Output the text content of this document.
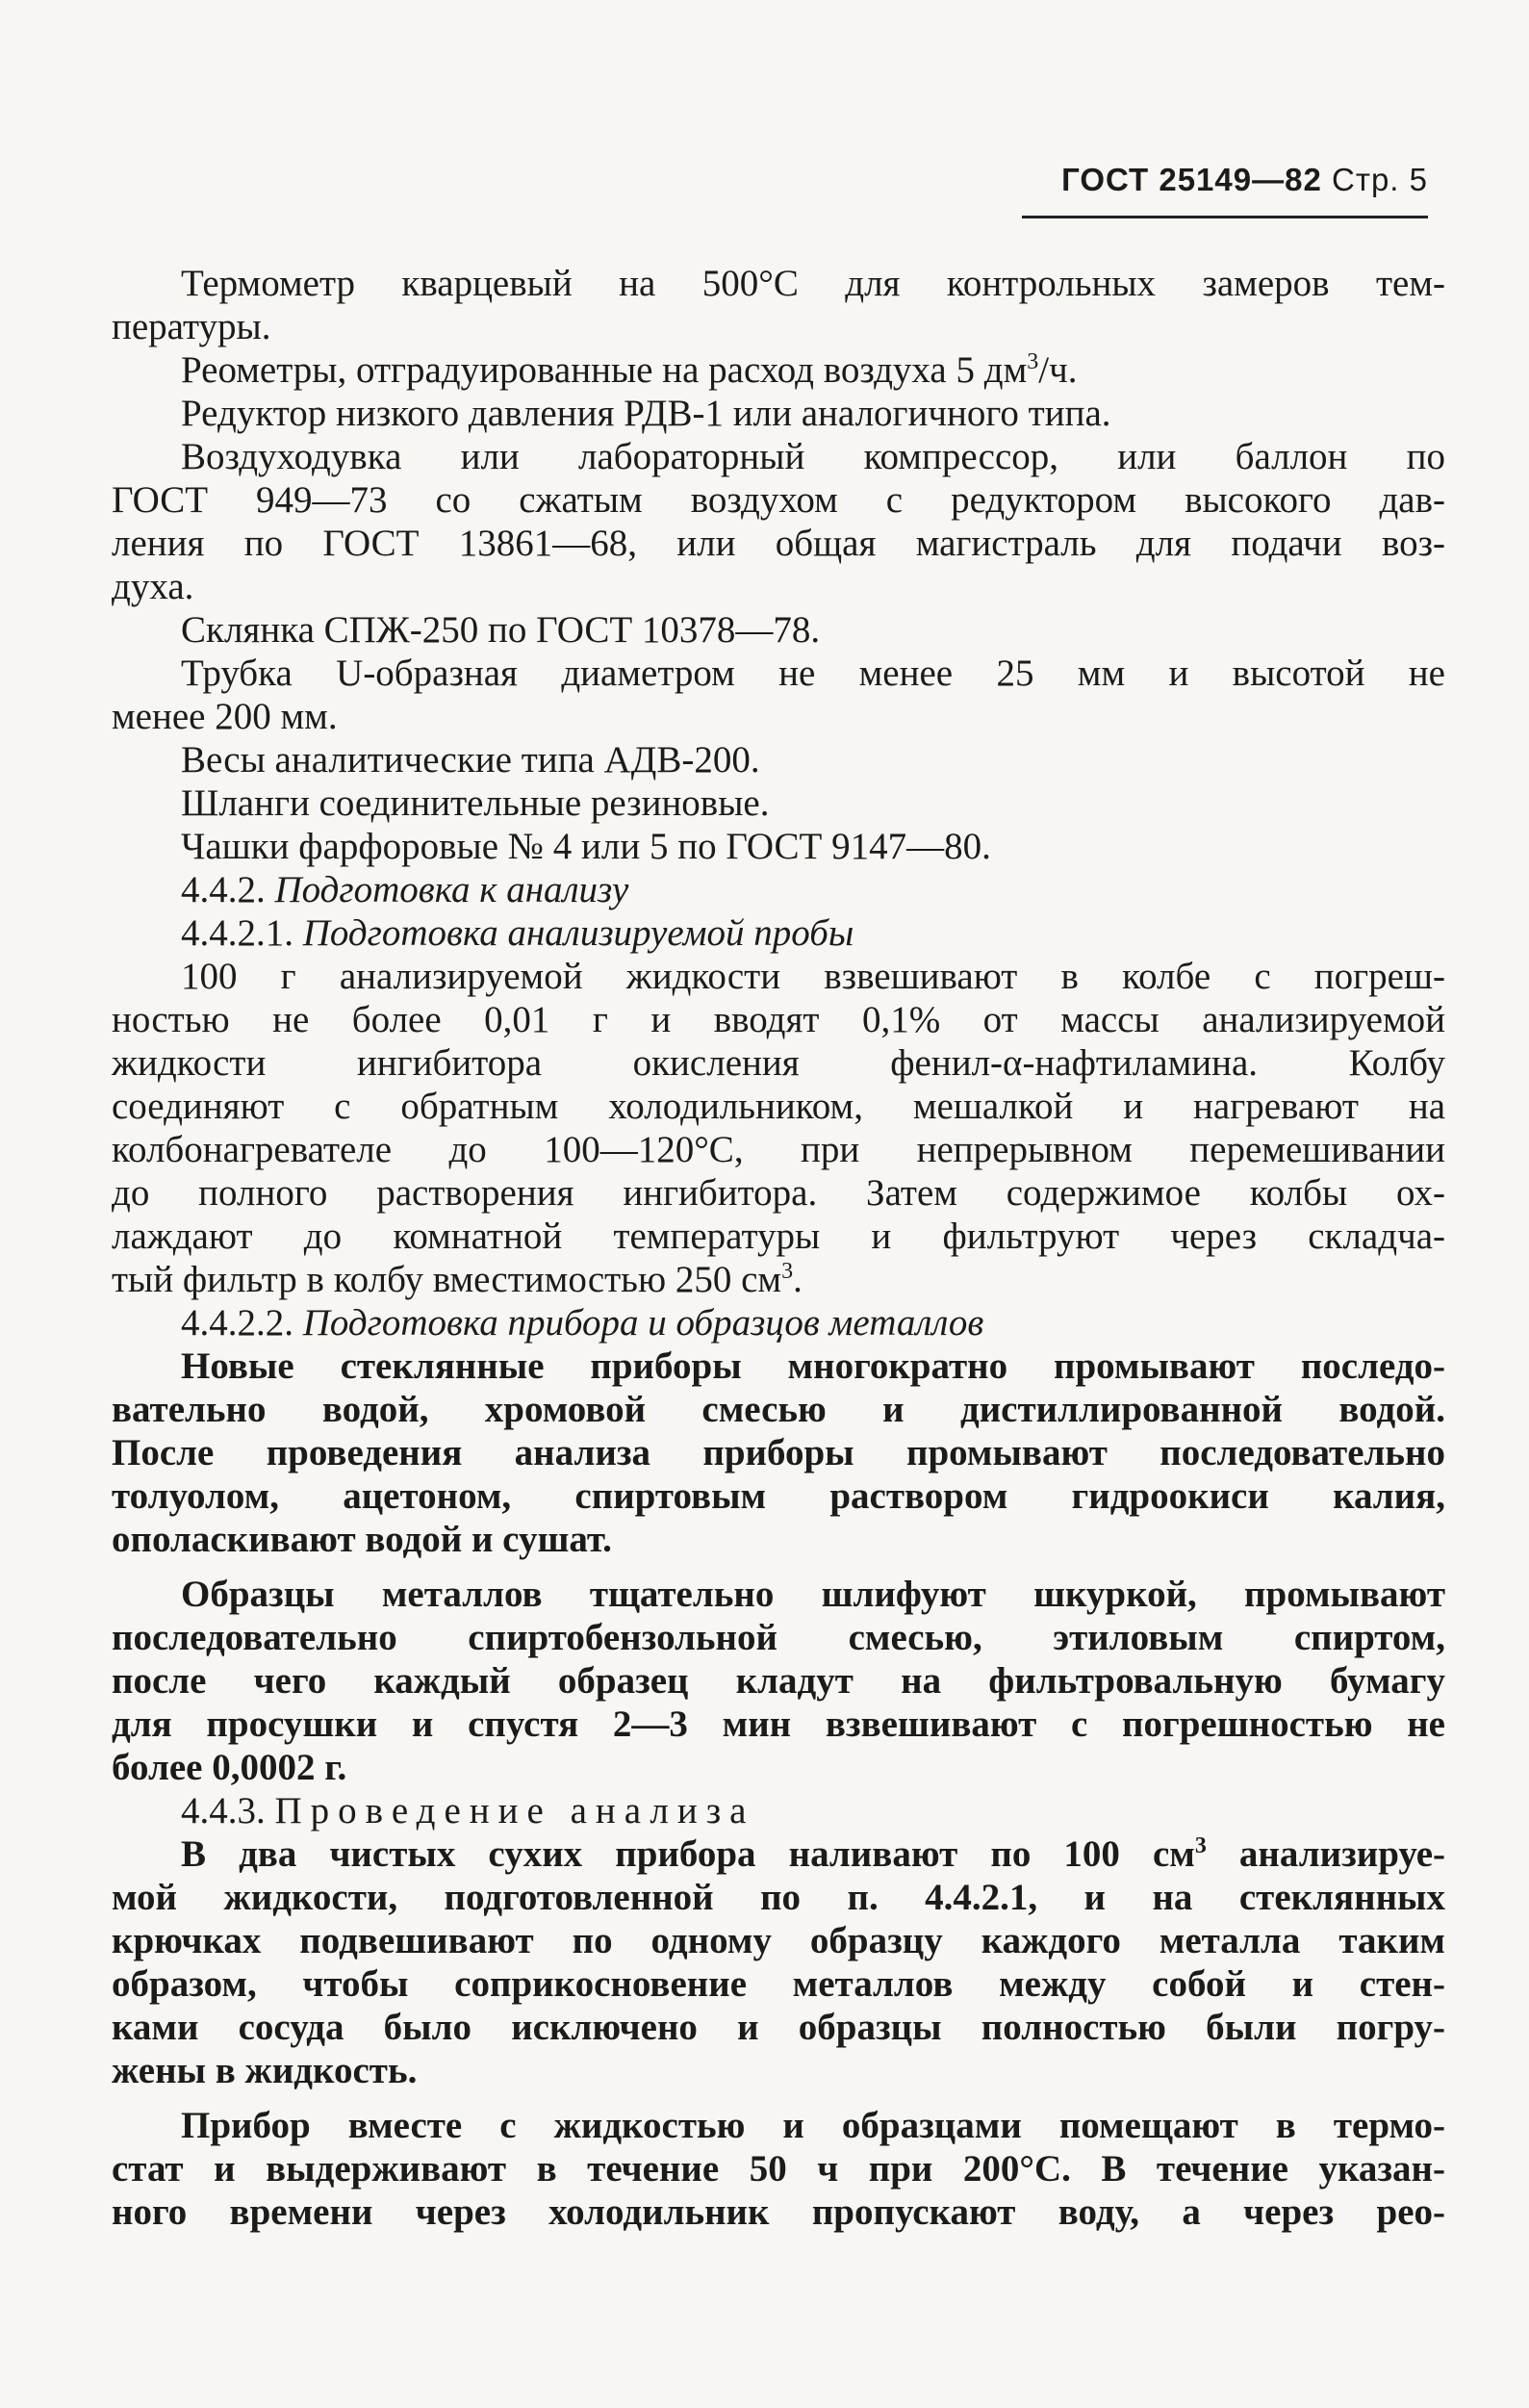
ГОСТ 25149—82 Стр. 5
Термометр кварцевый на 500°С для контрольных замеров тем-
пературы.
Реометры, отградуированные на расход воздуха 5 $дм^3/ч$.
Редуктор низкого давления РДВ-1 или аналогичного типа.
Воздуходувка или лабораторный компрессор, или баллон по
ГОСТ 949—73 со сжатым воздухом с редуктором высокого дав-
ления по ГОСТ 13861—68, или общая магистраль для подачи воз-
духа.
Склянка СПЖ-250 по ГОСТ 10378—78.
Трубка U-образная диаметром не менее 25 мм и высотой не
менее 200 мм.
Весы аналитические типа АДВ-200.
Шланги соединительные резиновые.
Чашки фарфоровые № 4 или 5 по ГОСТ 9147—80.
4.4.2. Подготовка к анализу
4.4.2.1. Подготовка анализируемой пробы
100 г анализируемой жидкости взвешивают в колбе с погреш-
ностью не более 0,01 г и вводят 0,1% от массы анализируемой
жидкости ингибитора окисления фенил-α-нафтиламина. Колбу
соединяют с обратным холодильником, мешалкой и нагревают на
колбонагревателе до 100—120°С, при непрерывном перемешивании
до полного растворения ингибитора. Затем содержимое колбы ох-
лаждают до комнатной температуры и фильтруют через складча-
тый фильтр в колбу вместимостью 250 $см^3$.
4.4.2.2. Подготовка прибора и образцов металлов
Новые стеклянные приборы многократно промывают последо-
вательно водой, хромовой смесью и дистиллированной водой.
После проведения анализа приборы промывают последовательно
толуолом, ацетоном, спиртовым раствором гидроокиси калия,
ополаскивают водой и сушат.
Образцы металлов тщательно шлифуют шкуркой, промывают
последовательно спиртобензольной смесью, этиловым спиртом,
после чего каждый образец кладут на фильтровальную бумагу
для просушки и спустя 2—3 мин взвешивают с погрешностью не
более 0,0002 г.
4.4.3. Проведение анализа
В два чистых сухих прибора наливают по 100 $см^3$ анализируе-
мой жидкости, подготовленной по п. 4.4.2.1, и на стеклянных
крючках подвешивают по одному образцу каждого металла таким
образом, чтобы соприкосновение металлов между собой и стен-
ками сосуда было исключено и образцы полностью были погру-
жены в жидкость.
Прибор вместе с жидкостью и образцами помещают в термо-
стат и выдерживают в течение 50 ч при 200°С. В течение указан-
ного времени через холодильник пропускают воду, а через рео-
